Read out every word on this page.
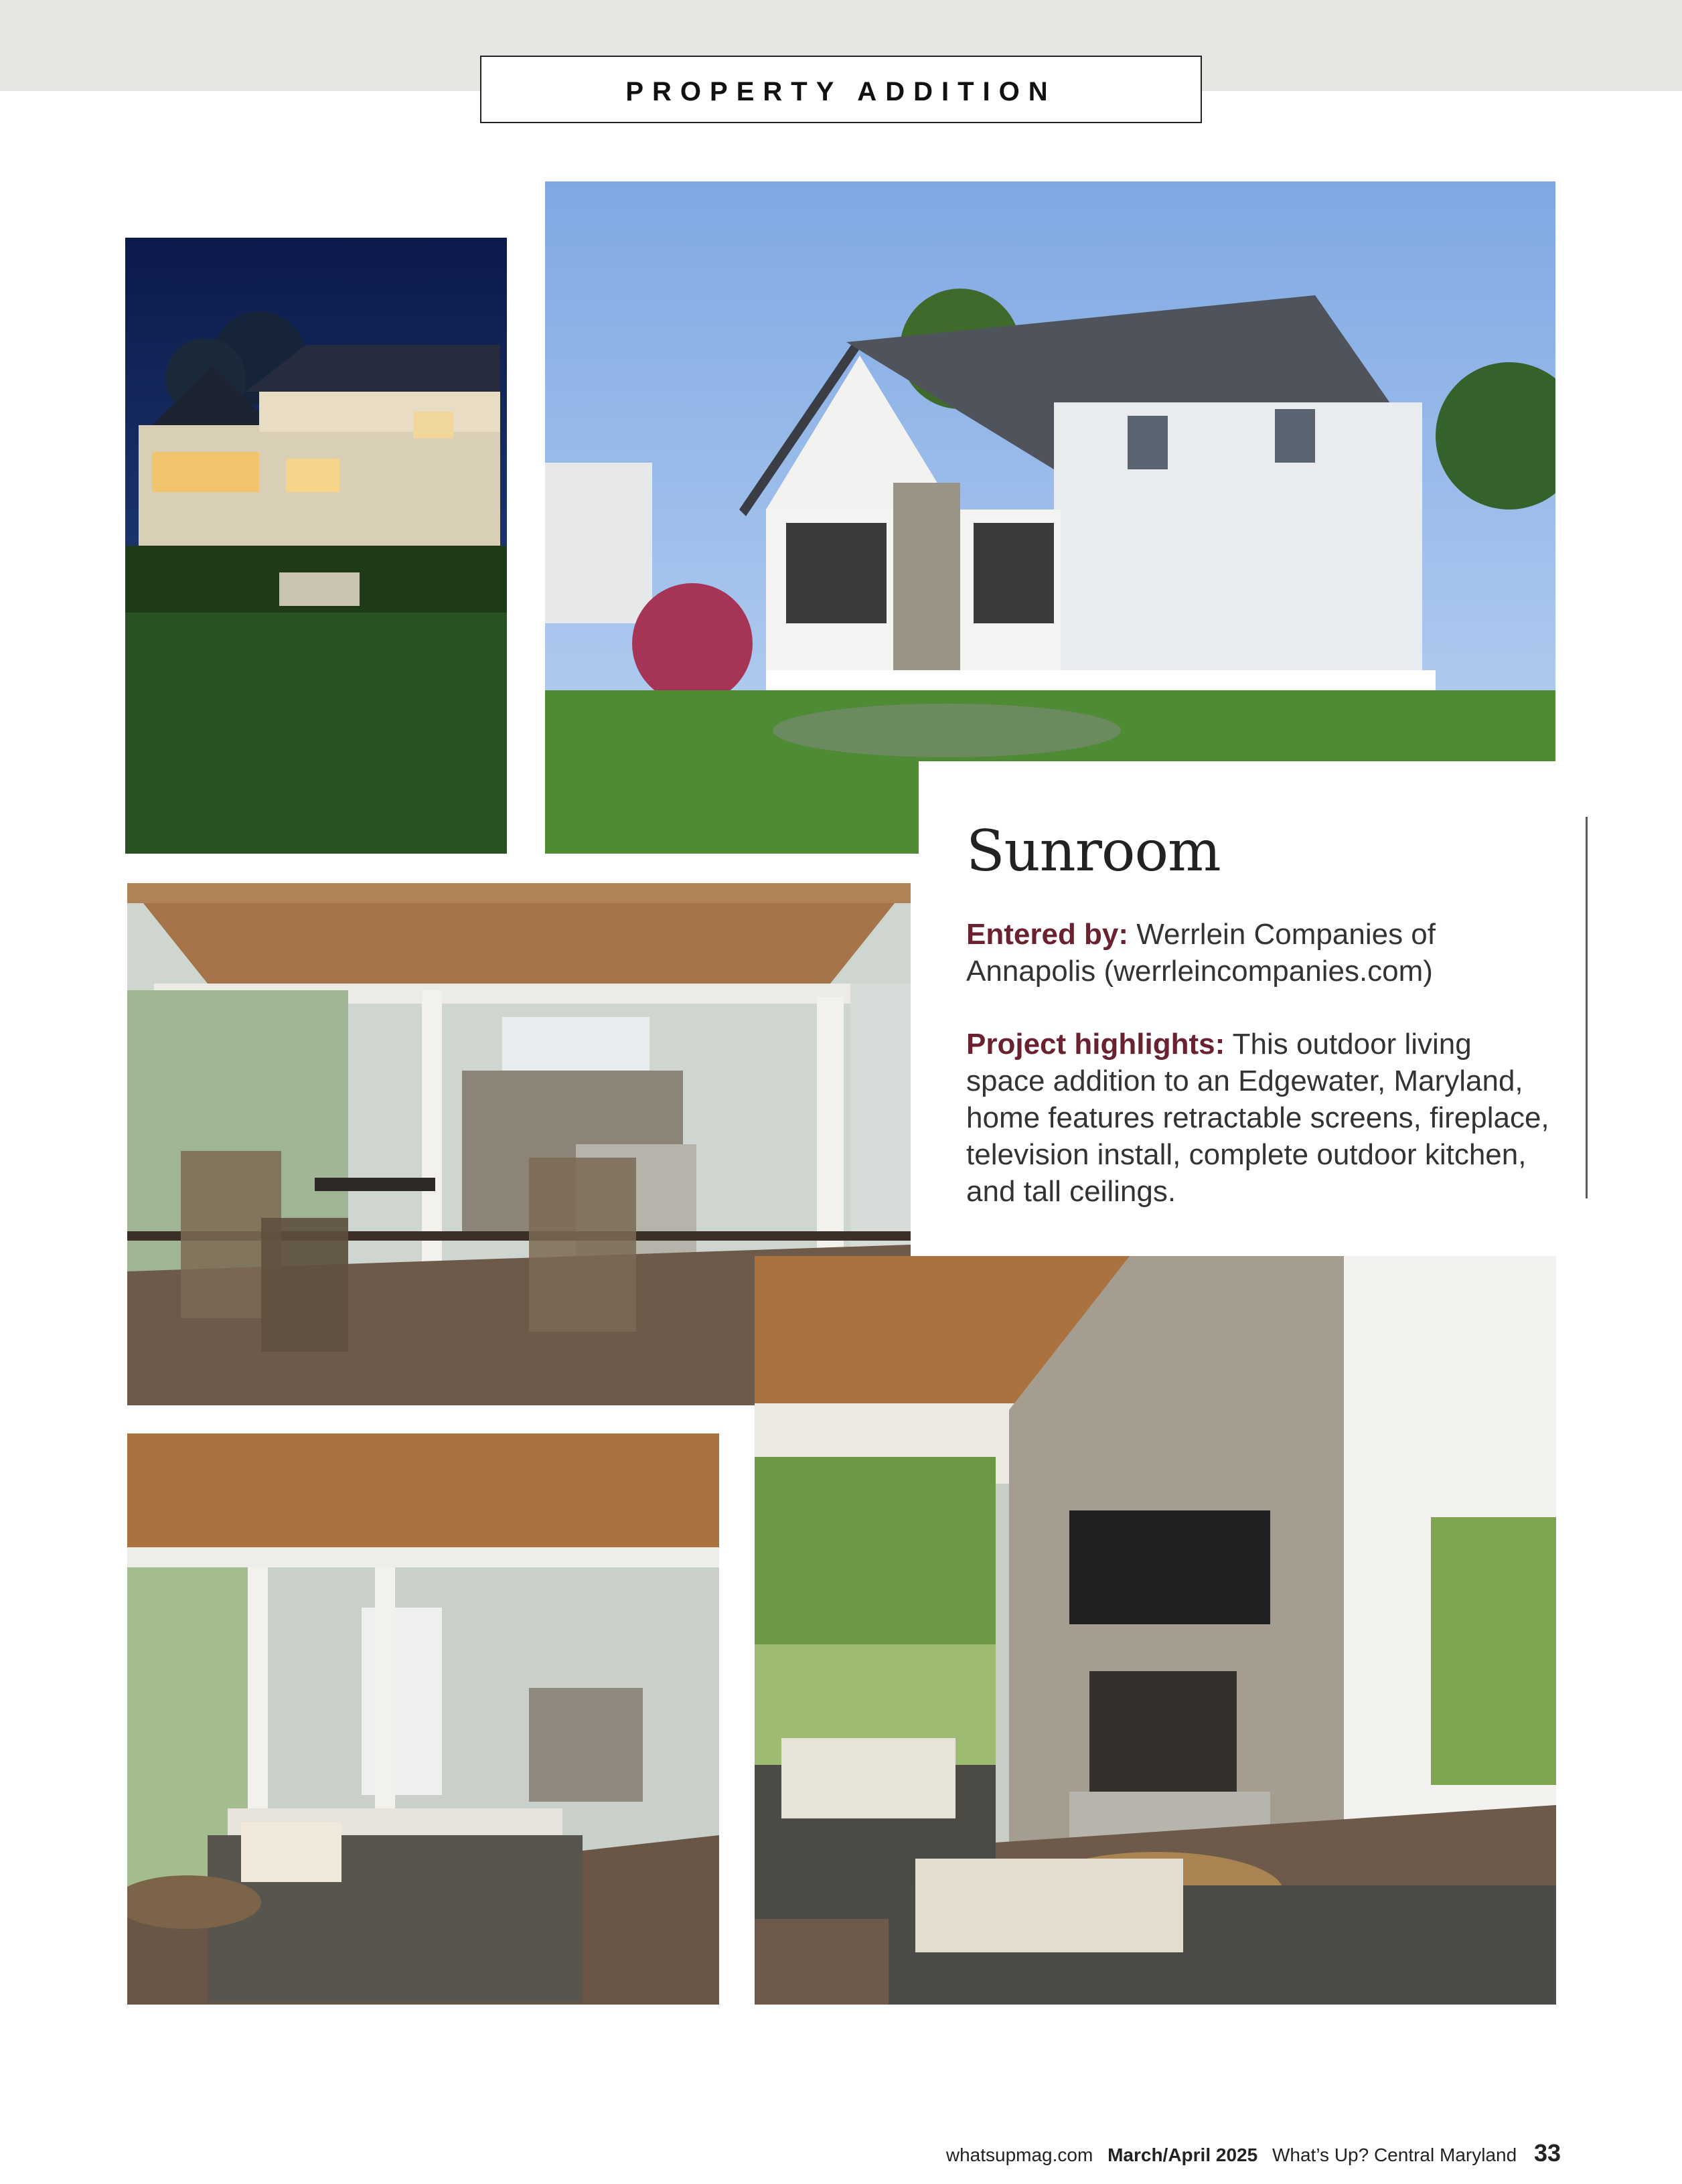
PROPERTY ADDITION
Sunroom
Entered by: Werrlein Companies of Annapolis (werrleincompanies.com)
Project highlights: This outdoor living space addition to an Edgewater, Maryland, home features retractable screens, fireplace, television install, complete outdoor kitchen, and tall ceilings.
whatsupmag.com March/April 2025 What’s Up? Central Maryland 33
